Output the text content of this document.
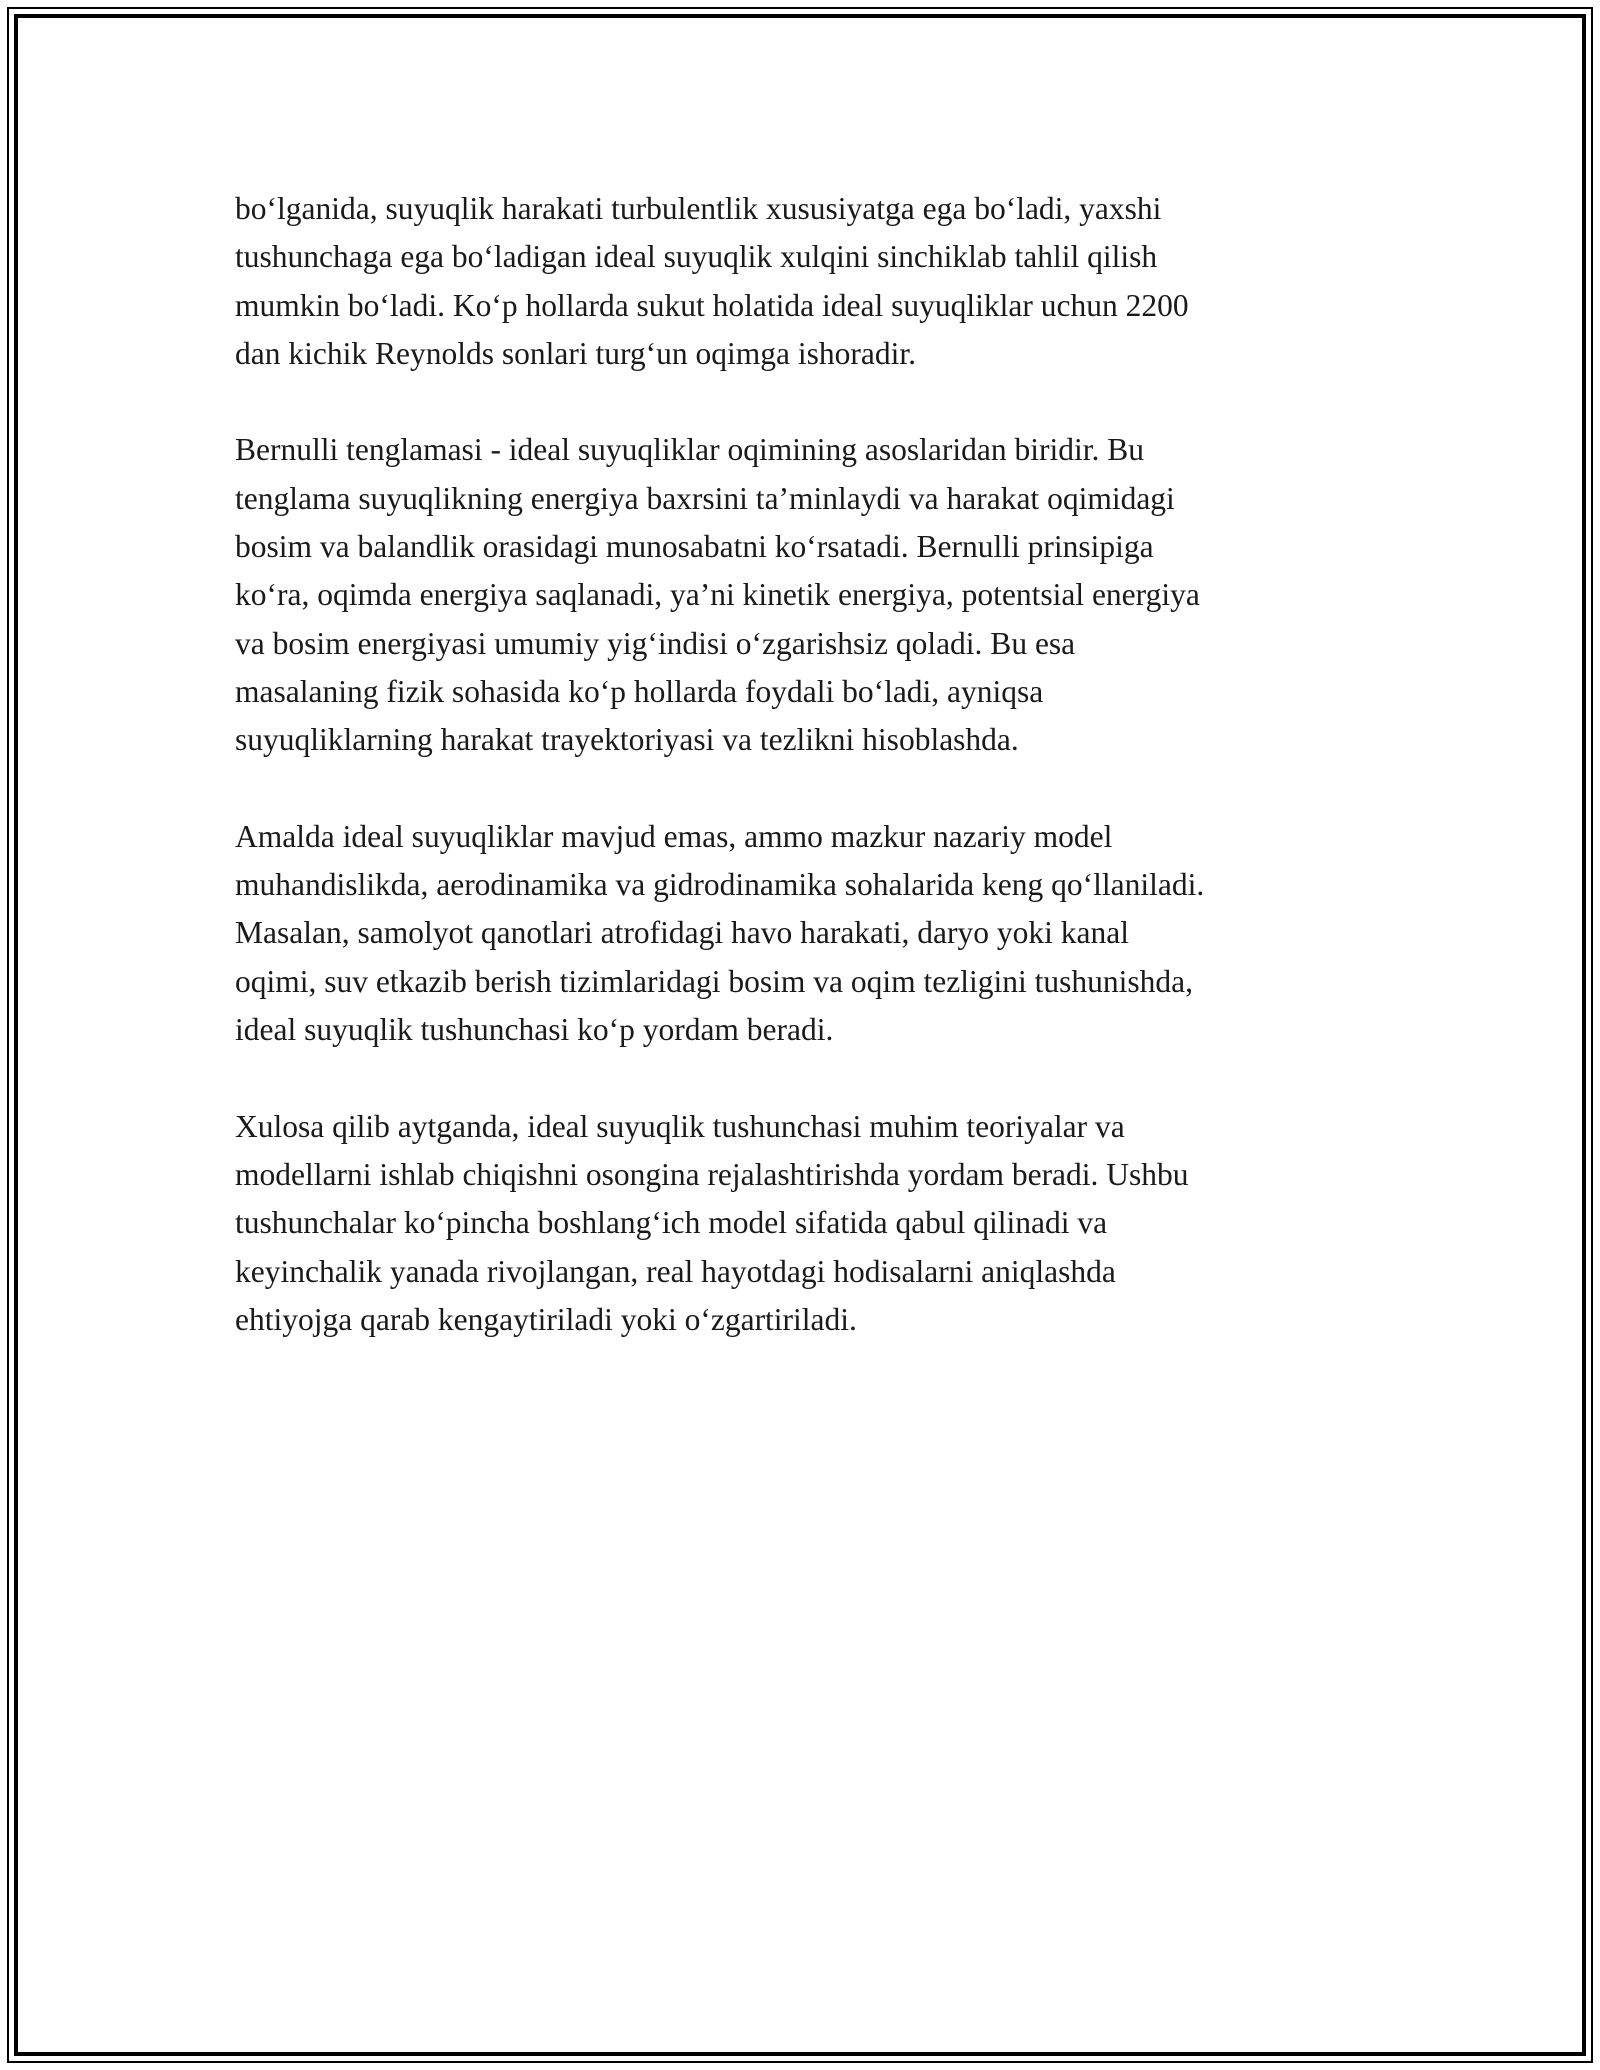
bo‘lganida, suyuqlik harakati turbulentlik xususiyatga ega bo‘ladi, yaxshi
tushunchaga ega bo‘ladigan ideal suyuqlik xulqini sinchiklab tahlil qilish
mumkin bo‘ladi. Ko‘p hollarda sukut holatida ideal suyuqliklar uchun 2200
dan kichik Reynolds sonlari turg‘un oqimga ishoradir.

Bernulli tenglamasi - ideal suyuqliklar oqimining asoslaridan biridir. Bu
tenglama suyuqlikning energiya baxrsini ta’minlaydi va harakat oqimidagi
bosim va balandlik orasidagi munosabatni ko‘rsatadi. Bernulli prinsipiga
ko‘ra, oqimda energiya saqlanadi, ya’ni kinetik energiya, potentsial energiya
va bosim energiyasi umumiy yig‘indisi o‘zgarishsiz qoladi. Bu esa
masalaning fizik sohasida ko‘p hollarda foydali bo‘ladi, ayniqsa
suyuqliklarning harakat trayektoriyasi va tezlikni hisoblashda.

Amalda ideal suyuqliklar mavjud emas, ammo mazkur nazariy model
muhandislikda, aerodinamika va gidrodinamika sohalarida keng qo‘llaniladi.
Masalan, samolyot qanotlari atrofidagi havo harakati, daryo yoki kanal
oqimi, suv etkazib berish tizimlaridagi bosim va oqim tezligini tushunishda,
ideal suyuqlik tushunchasi ko‘p yordam beradi.

Xulosa qilib aytganda, ideal suyuqlik tushunchasi muhim teoriyalar va
modellarni ishlab chiqishni osongina rejalashtirishda yordam beradi. Ushbu
tushunchalar ko‘pincha boshlang‘ich model sifatida qabul qilinadi va
keyinchalik yanada rivojlangan, real hayotdagi hodisalarni aniqlashda
ehtiyojga qarab kengaytiriladi yoki o‘zgartiriladi.
